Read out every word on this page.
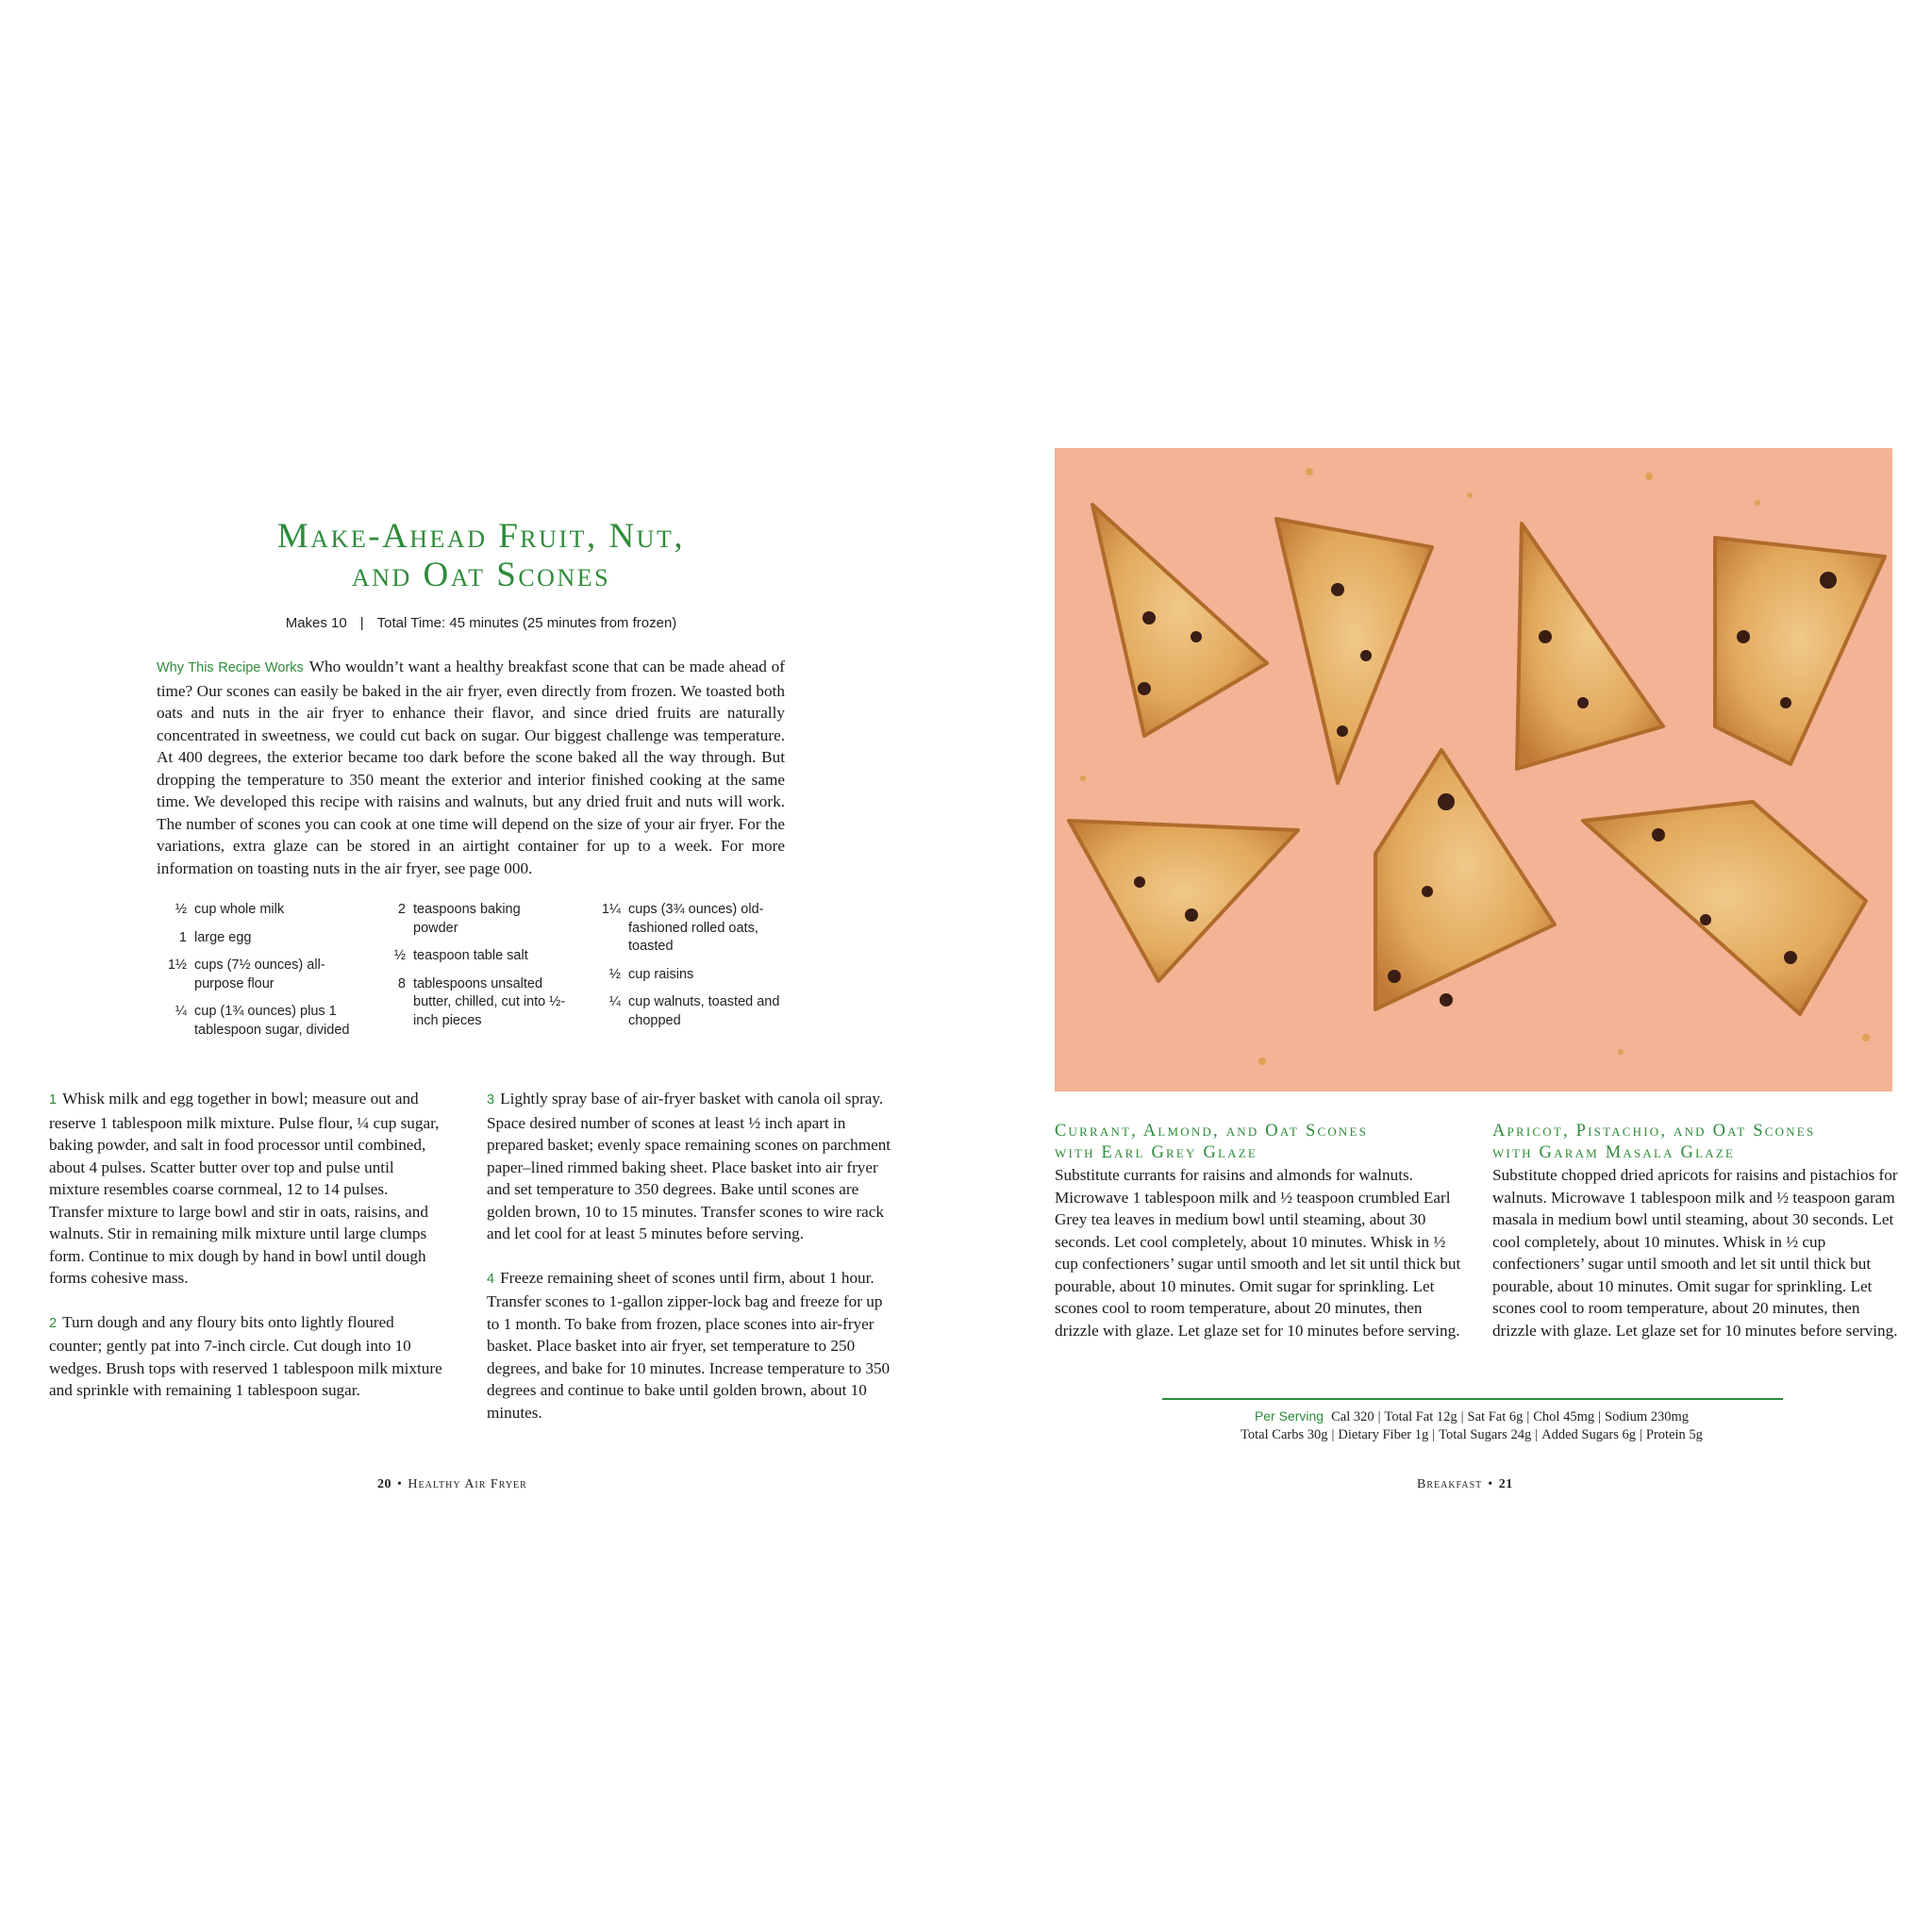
Make-Ahead Fruit, Nut,
and Oat Scones
Makes 10 | Total Time: 45 minutes (25 minutes from frozen)

Why This Recipe Works Who wouldn’t want a healthy breakfast scone that can be made ahead of time? Our scones can easily be baked in the air fryer, even directly from frozen. We toasted both oats and nuts in the air fryer to enhance their flavor, and since dried fruits are naturally concentrated in sweetness, we could cut back on sugar. Our biggest challenge was temperature. At 400 degrees, the exterior became too dark before the scone baked all the way through. But dropping the temperature to 350 meant the exterior and interior finished cooking at the same time. We developed this recipe with raisins and walnuts, but any dried fruit and nuts will work. The number of scones you can cook at one time will depend on the size of your air fryer. For the variations, extra glaze can be stored in an airtight container for up to a week. For more information on toasting nuts in the air fryer, see page 000.

½ cup whole milk
1 large egg
1½ cups (7½ ounces) all-purpose flour
¼ cup (1¾ ounces) plus 1 tablespoon sugar, divided
2 teaspoons baking powder
½ teaspoon table salt
8 tablespoons unsalted butter, chilled, cut into ½-inch pieces
1¼ cups (3¾ ounces) old-fashioned rolled oats, toasted
½ cup raisins
¼ cup walnuts, toasted and chopped

1 Whisk milk and egg together in bowl; measure out and reserve 1 tablespoon milk mixture. Pulse flour, ¼ cup sugar, baking powder, and salt in food processor until combined, about 4 pulses. Scatter butter over top and pulse until mixture resembles coarse cornmeal, 12 to 14 pulses. Transfer mixture to large bowl and stir in oats, raisins, and walnuts. Stir in remaining milk mixture until large clumps form. Continue to mix dough by hand in bowl until dough forms cohesive mass.

2 Turn dough and any floury bits onto lightly floured counter; gently pat into 7-inch circle. Cut dough into 10 wedges. Brush tops with reserved 1 tablespoon milk mixture and sprinkle with remaining 1 tablespoon sugar.

3 Lightly spray base of air-fryer basket with canola oil spray. Space desired number of scones at least ½ inch apart in prepared basket; evenly space remaining scones on parchment paper–lined rimmed baking sheet. Place basket into air fryer and set temperature to 350 degrees. Bake until scones are golden brown, 10 to 15 minutes. Transfer scones to wire rack and let cool for at least 5 minutes before serving.

4 Freeze remaining sheet of scones until firm, about 1 hour. Transfer scones to 1-gallon zipper-lock bag and freeze for up to 1 month. To bake from frozen, place scones into air-fryer basket. Place basket into air fryer, set temperature to 250 degrees, and bake for 10 minutes. Increase temperature to 350 degrees and continue to bake until golden brown, about 10 minutes.

20 • Healthy Air Fryer
Currant, Almond, and Oat Scones
with Earl Grey Glaze

Substitute currants for raisins and almonds for walnuts. Microwave 1 tablespoon milk and ½ teaspoon crumbled Earl Grey tea leaves in medium bowl until steaming, about 30 seconds. Let cool completely, about 10 minutes. Whisk in ½ cup confectioners’ sugar until smooth and let sit until thick but pourable, about 10 minutes. Omit sugar for sprinkling. Let scones cool to room temperature, about 20 minutes, then drizzle with glaze. Let glaze set for 10 minutes before serving.

Apricot, Pistachio, and Oat Scones
with Garam Masala Glaze

Substitute chopped dried apricots for raisins and pistachios for walnuts. Microwave 1 tablespoon milk and ½ teaspoon garam masala in medium bowl until steaming, about 30 seconds. Let cool completely, about 10 minutes. Whisk in ½ cup confectioners’ sugar until smooth and let sit until thick but pourable, about 10 minutes. Omit sugar for sprinkling. Let scones cool to room temperature, about 20 minutes, then drizzle with glaze. Let glaze set for 10 minutes before serving.

Per Serving Cal 320 | Total Fat 12g | Sat Fat 6g | Chol 45mg | Sodium 230mg
Total Carbs 30g | Dietary Fiber 1g | Total Sugars 24g | Added Sugars 6g | Protein 5g
Breakfast • 21
